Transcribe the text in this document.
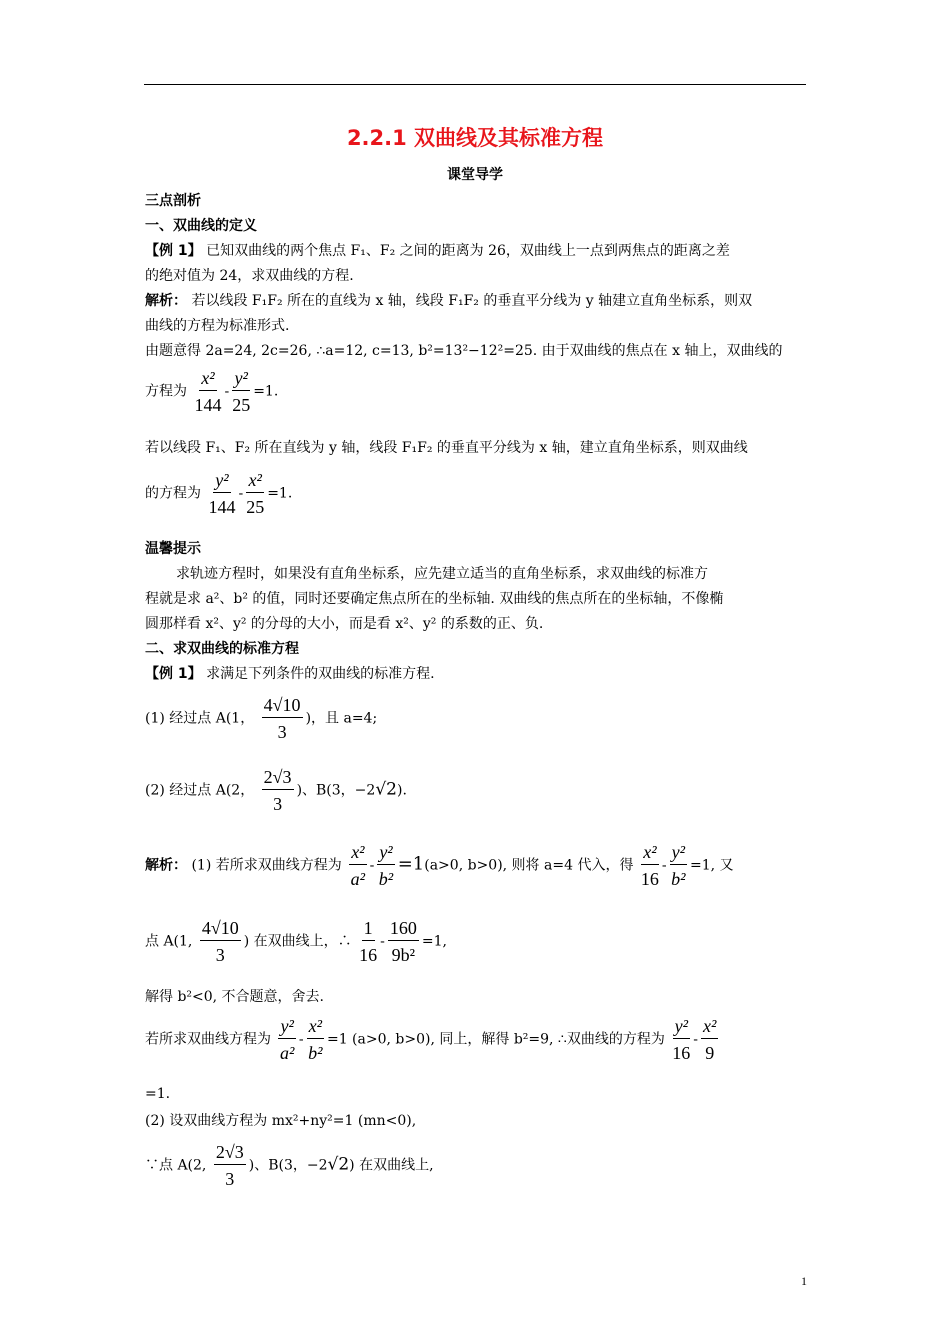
2.2.1 双曲线及其标准方程
课堂导学
三点剖析
一、双曲线的定义
【例 1】 已知双曲线的两个焦点 F₁、F₂ 之间的距离为 26，双曲线上一点到两焦点的距离之差
的绝对值为 24，求双曲线的方程.
解析： 若以线段 F₁F₂ 所在的直线为 x 轴，线段 F₁F₂ 的垂直平分线为 y 轴建立直角坐标系，则双
曲线的方程为标准形式.
由题意得 2a=24, 2c=26, ∴a=12, c=13, b²=13²−12²=25. 由于双曲线的焦点在 x 轴上，双曲线的
方程为 $\frac{\text{x²}}{144} - \frac{\text{y²}}{25} =1$.
若以线段 F₁、F₂ 所在直线为 y 轴，线段 F₁F₂ 的垂直平分线为 x 轴，建立直角坐标系，则双曲线
的方程为 $\frac{\text{y²}}{144} - \frac{\text{x²}}{25} =1$.
温馨提示
求轨迹方程时，如果没有直角坐标系，应先建立适当的直角坐标系，求双曲线的标准方
程就是求 a²、b² 的值，同时还要确定焦点所在的坐标轴. 双曲线的焦点所在的坐标轴，不像椭
圆那样看 x²、y² 的分母的大小，而是看 x²、y² 的系数的正、负.
二、求双曲线的标准方程
【例 1】 求满足下列条件的双曲线的标准方程.
(1) 经过点 A(1， $\frac{4√10}{3}$ )，且 a=4;
(2) 经过点 A(2， $\frac{2√3}{3}$ )、B(3，−2√2).
解析： (1) 若所求双曲线方程为 $\frac{\text{x²}}{\text{a²}} - \frac{\text{y²}}{\text{b²}} =1(a>0$, b>0), 则将 a=4 代入，得 $\frac{\text{x²}}{16} - \frac{\text{y²}}{\text{b²}} =1$, 又
点 A(1, $\frac{4√10}{3}$ ) 在双曲线上，∴ $\frac{1}{16} - \frac{160}{\text{9b²}} =1$,
解得 b²<0, 不合题意，舍去.
若所求双曲线方程为 $\frac{\text{y²}}{\text{a²}} - \frac{\text{x²}}{\text{b²}} =1$ (a>0, b>0), 同上，解得 b²=9, ∴双曲线的方程为 $\frac{\text{y²}}{16} - \frac{\text{x²}}{9}$
=1.
(2) 设双曲线方程为 mx²+ny²=1 (mn<0),
∵点 A(2, $\frac{2√3}{3}$ )、B(3，−2√2) 在双曲线上,
1
